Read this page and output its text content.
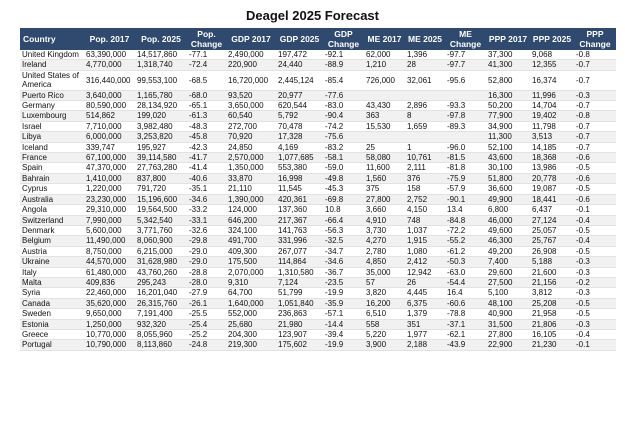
Deagel 2025 Forecast
Country	Pop. 2017	Pop. 2025	Pop. Change	GDP 2017	GDP 2025	GDP Change	ME 2017	ME 2025	ME Change	PPP 2017	PPP 2025	PPP Change
United Kingdom	63,390,000	14,517,860	-77.1	2,490,000	197,472	-92.1	62,000	1,396	-97.7	37,300	9,068	-0.8
Ireland	4,770,000	1,318,740	-72.4	220,900	24,440	-88.9	1,210	28	-97.7	41,300	12,355	-0.7
United States of America	316,440,000	99,553,100	-68.5	16,720,000	2,445,124	-85.4	726,000	32,061	-95.6	52,800	16,374	-0.7
Puerto Rico	3,640,000	1,165,780	-68.0	93,520	20,977	-77.6				16,300	11,996	-0.3
Germany	80,590,000	28,134,920	-65.1	3,650,000	620,544	-83.0	43,430	2,896	-93.3	50,200	14,704	-0.7
Luxembourg	514,862	199,020	-61.3	60,540	5,792	-90.4	363	8	-97.8	77,900	19,402	-0.8
Israel	7,710,000	3,982,480	-48.3	272,700	70,478	-74.2	15,530	1,659	-89.3	34,900	11,798	-0.7
Libya	6,000,000	3,253,820	-45.8	70,920	17,328	-75.6				11,300	3,513	-0.7
Iceland	339,747	195,927	-42.3	24,850	4,169	-83.2	25	1	-96.0	52,100	14,185	-0.7
France	67,100,000	39,114,580	-41.7	2,570,000	1,077,685	-58.1	58,080	10,761	-81.5	43,600	18,368	-0.6
Spain	47,370,000	27,763,280	-41.4	1,350,000	553,380	-59.0	11,600	2,111	-81.8	30,100	13,986	-0.5
Bahrain	1,410,000	837,800	-40.6	33,870	16,998	-49.8	1,560	376	-75.9	51,800	20,778	-0.6
Cyprus	1,220,000	791,720	-35.1	21,110	11,545	-45.3	375	158	-57.9	36,600	19,087	-0.5
Australia	23,230,000	15,196,600	-34.6	1,390,000	420,361	-69.8	27,800	2,752	-90.1	49,900	18,441	-0.6
Angola	29,310,000	19,564,500	-33.2	124,000	137,360	10.8	3,660	4,150	13.4	6,800	6,437	-0.1
Switzerland	7,990,000	5,342,540	-33.1	646,200	217,367	-66.4	4,910	748	-84.8	46,000	27,124	-0.4
Denmark	5,600,000	3,771,760	-32.6	324,100	141,763	-56.3	3,730	1,037	-72.2	49,600	25,057	-0.5
Belgium	11,490,000	8,060,900	-29.8	491,700	331,996	-32.5	4,270	1,915	-55.2	46,300	25,767	-0.4
Austria	8,750,000	6,215,000	-29.0	409,300	267,077	-34.7	2,780	1,080	-61.2	49,200	26,908	-0.5
Ukraine	44,570,000	31,628,980	-29.0	175,500	114,864	-34.6	4,850	2,412	-50.3	7,400	5,188	-0.3
Italy	61,480,000	43,760,260	-28.8	2,070,000	1,310,580	-36.7	35,000	12,942	-63.0	29,600	21,600	-0.3
Malta	409,836	295,243	-28.0	9,310	7,124	-23.5	57	26	-54.4	27,500	21,156	-0.2
Syria	22,460,000	16,201,040	-27.9	64,700	51,799	-19.9	3,820	4,445	16.4	5,100	3,812	-0.3
Canada	35,620,000	26,315,760	-26.1	1,640,000	1,051,840	-35.9	16,200	6,375	-60.6	48,100	25,208	-0.5
Sweden	9,650,000	7,191,400	-25.5	552,000	236,863	-57.1	6,510	1,379	-78.8	40,900	21,958	-0.5
Estonia	1,250,000	932,320	-25.4	25,680	21,980	-14.4	558	351	-37.1	31,500	21,806	-0.3
Greece	10,770,000	8,055,960	-25.2	204,300	123,907	-39.4	5,220	1,977	-62.1	27,800	16,105	-0.4
Portugal	10,790,000	8,113,860	-24.8	219,300	175,602	-19.9	3,900	2,188	-43.9	22,900	21,230	-0.1
